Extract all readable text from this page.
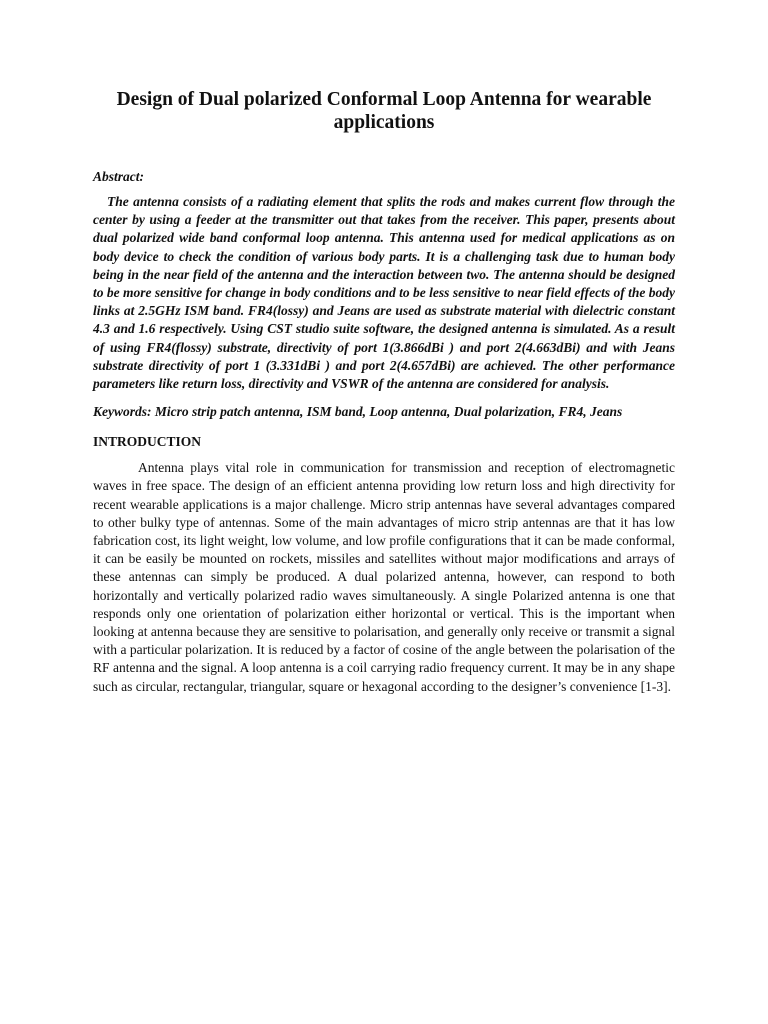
Design of Dual polarized Conformal Loop Antenna for wearable applications
Abstract:

The antenna consists of a radiating element that splits the rods and makes current flow through the center by using a feeder at the transmitter out that takes from the receiver. This paper, presents about dual polarized wide band conformal loop antenna. This antenna used for medical applications as on body device to check the condition of various body parts. It is a challenging task due to human body being in the near field of the antenna and the interaction between two. The antenna should be designed to be more sensitive for change in body conditions and to be less sensitive to near field effects of the body links at 2.5GHz ISM band. FR4(lossy) and Jeans are used as substrate material with dielectric constant 4.3 and 1.6 respectively. Using CST studio suite software, the designed antenna is simulated. As a result of using FR4(flossy) substrate, directivity of port 1(3.866dBi ) and port 2(4.663dBi) and with Jeans substrate directivity of port 1 (3.331dBi ) and port 2(4.657dBi) are achieved. The other performance parameters like return loss, directivity and VSWR of the antenna are considered for analysis.

Keywords: Micro strip patch antenna, ISM band, Loop antenna, Dual polarization, FR4, Jeans

INTRODUCTION

Antenna plays vital role in communication for transmission and reception of electromagnetic waves in free space. The design of an efficient antenna providing low return loss and high directivity for recent wearable applications is a major challenge. Micro strip antennas have several advantages compared to other bulky type of antennas. Some of the main advantages of micro strip antennas are that it has low fabrication cost, its light weight, low volume, and low profile configurations that it can be made conformal, it can be easily be mounted on rockets, missiles and satellites without major modifications and arrays of these antennas can simply be produced. A dual polarized antenna, however, can respond to both horizontally and vertically polarized radio waves simultaneously. A single Polarized antenna is one that responds only one orientation of polarization either horizontal or vertical. This is the important when looking at antenna because they are sensitive to polarisation, and generally only receive or transmit a signal with a particular polarization. It is reduced by a factor of cosine of the angle between the polarisation of the RF antenna and the signal. A loop antenna is a coil carrying radio frequency current. It may be in any shape such as circular, rectangular, triangular, square or hexagonal according to the designer’s convenience [1-3].
